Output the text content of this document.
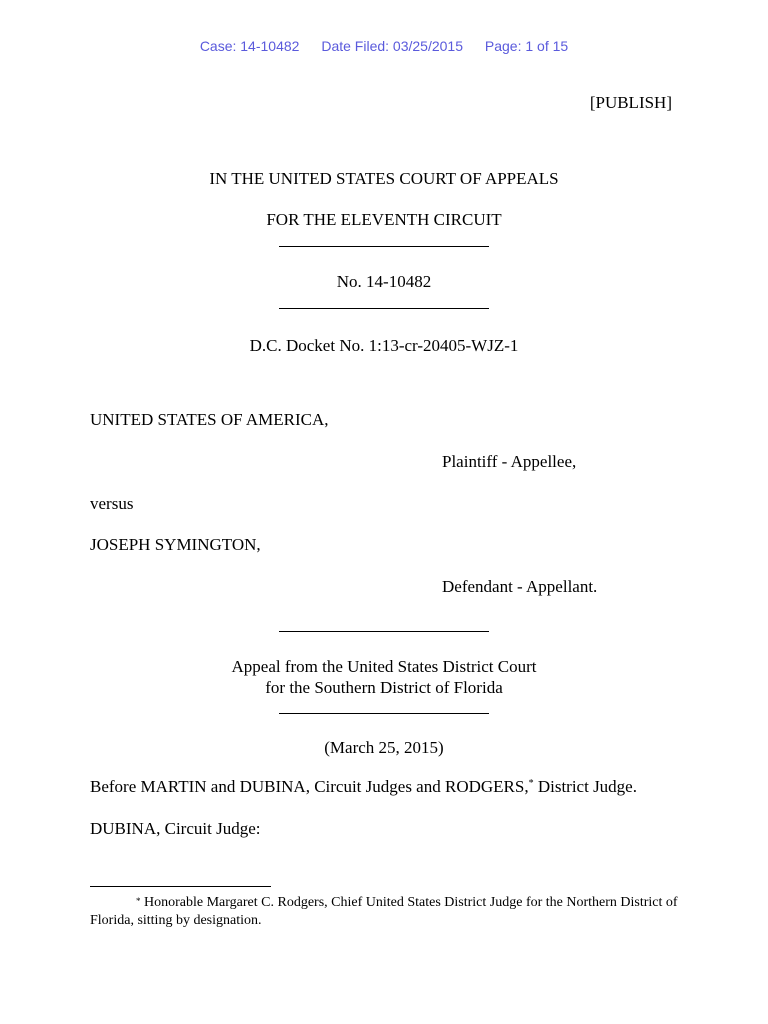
Case: 14-10482 Date Filed: 03/25/2015 Page: 1 of 15
[PUBLISH]
IN THE UNITED STATES COURT OF APPEALS
FOR THE ELEVENTH CIRCUIT
No. 14-10482
D.C. Docket No. 1:13-cr-20405-WJZ-1
UNITED STATES OF AMERICA,
Plaintiff - Appellee,
versus
JOSEPH SYMINGTON,
Defendant - Appellant.
Appeal from the United States District Court
for the Southern District of Florida
(March 25, 2015)
Before MARTIN and DUBINA, Circuit Judges and RODGERS,* District Judge.
DUBINA, Circuit Judge:
* Honorable Margaret C. Rodgers, Chief United States District Judge for the Northern District of Florida, sitting by designation.
